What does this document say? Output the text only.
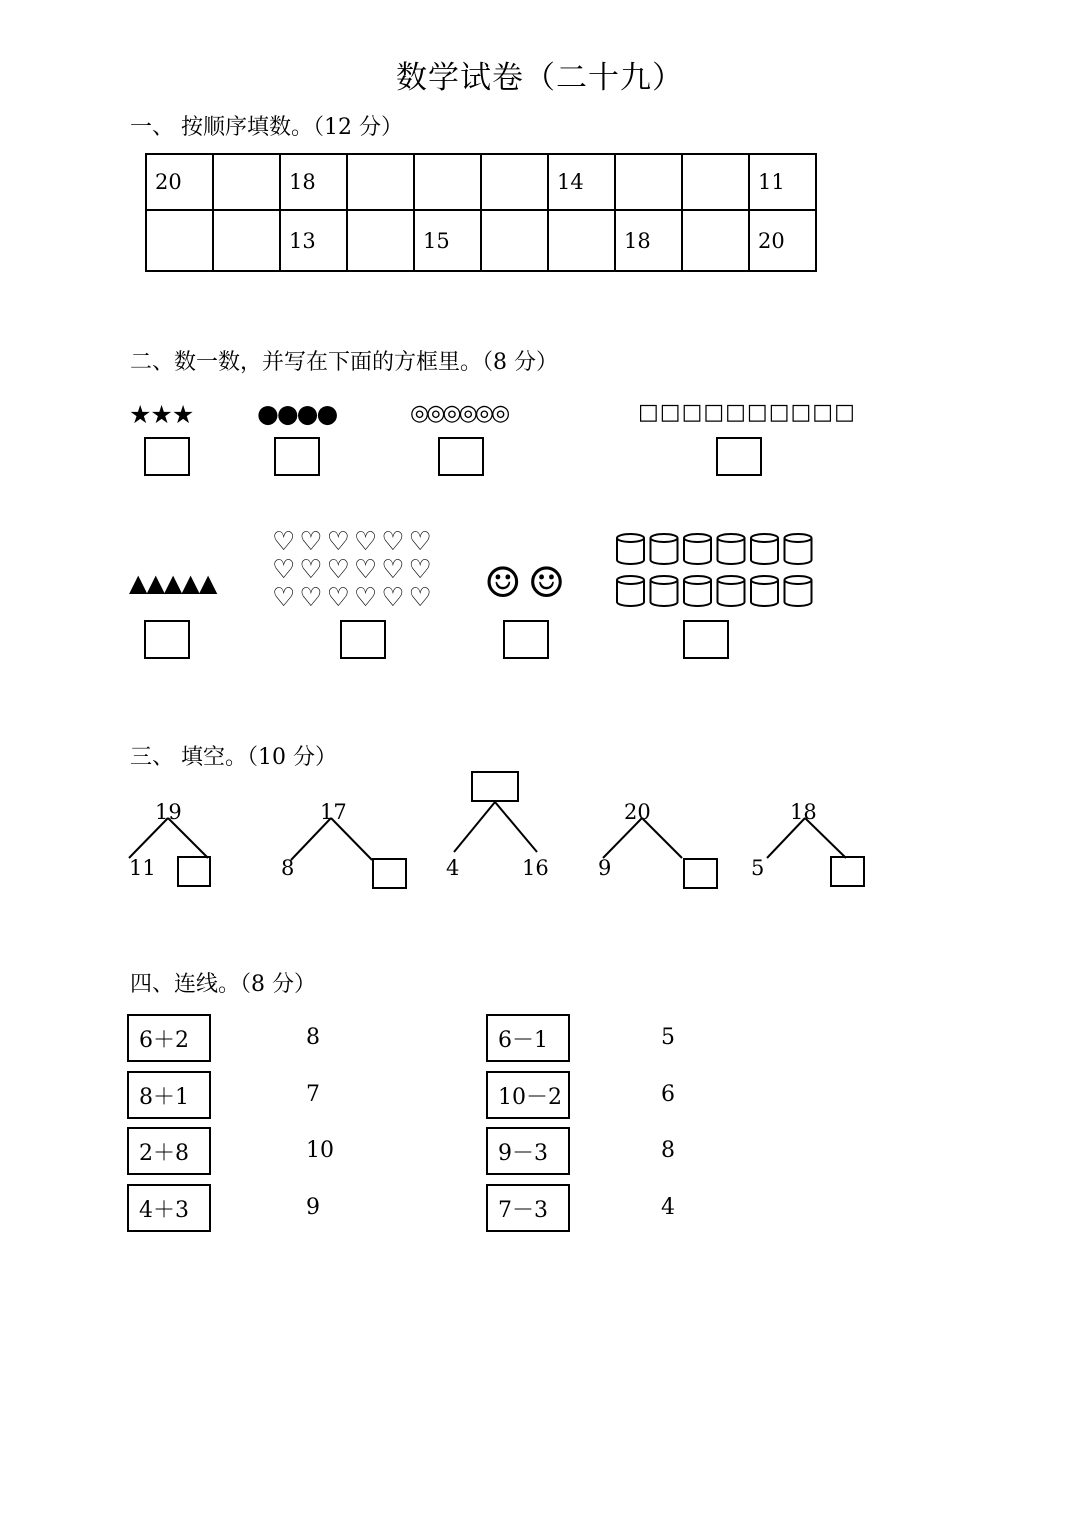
数学试卷（二十九）
一、 按顺序填数。（12 分）
20		18				14			11
		13		15			18		20
二、数一数，并写在下面的方框里。（8 分）
★★★	●●●●	◎◎◎◎◎◎	□□□□□□□□□□
▲▲▲▲▲
♡♡♡♡♡♡
♡♡♡♡♡♡
♡♡♡♡♡♡ ☺☺
三、 填空。（10 分）
19
11
17
8	4	16
20
9
18
5
四、连线。（8 分）
6＋2
8＋1
2＋8
4＋3
8
7
10
9
6－1
10－2
9－3
7－3
5
6
8
4
